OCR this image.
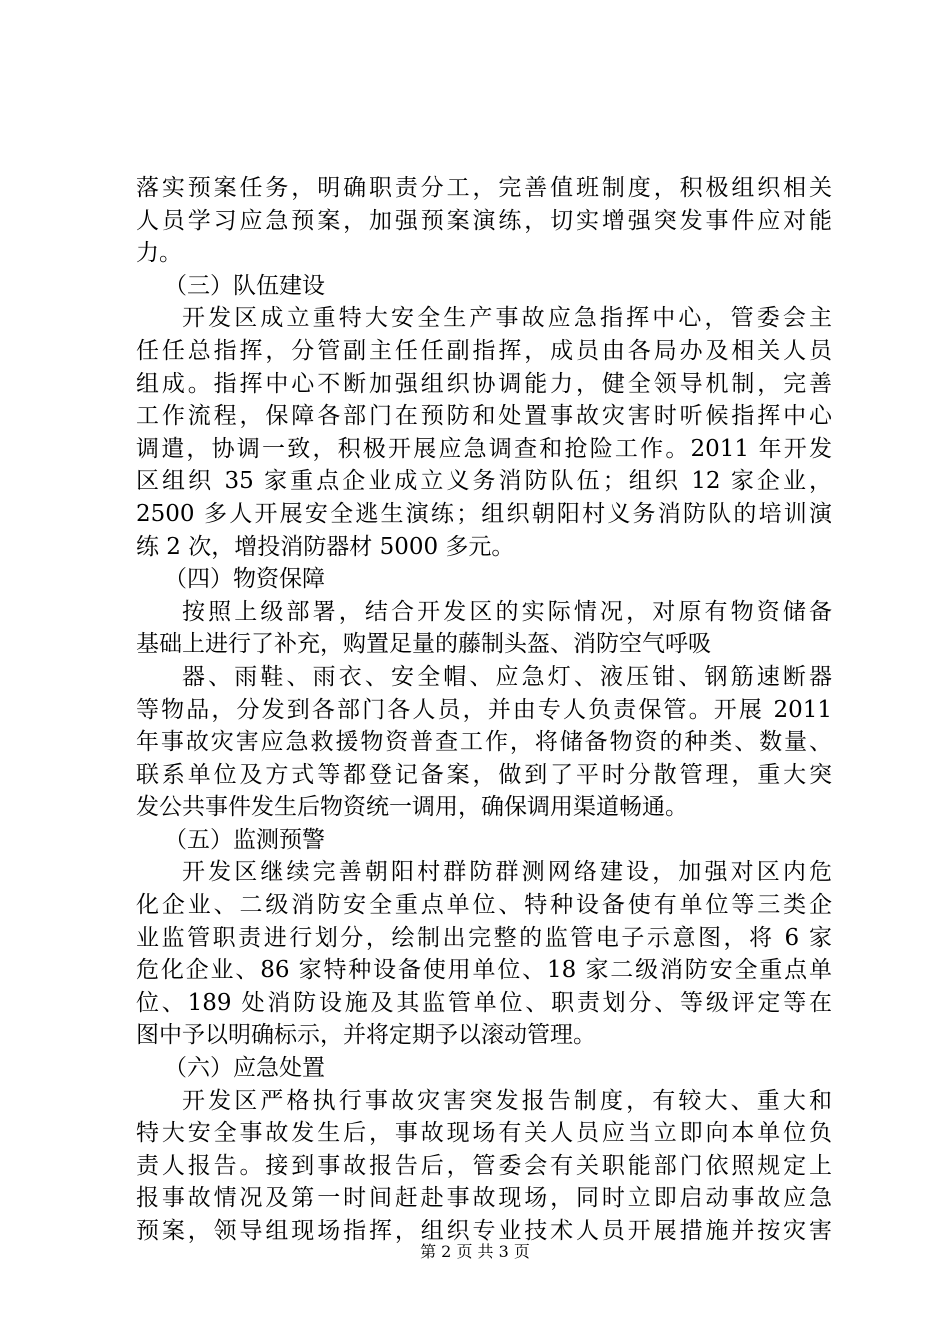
落实预案任务，明确职责分工，完善值班制度，积极组织相关
人员学习应急预案，加强预案演练，切实增强突发事件应对能
力。
（三）队伍建设
开发区成立重特大安全生产事故应急指挥中心，管委会主
任任总指挥，分管副主任任副指挥，成员由各局办及相关人员
组成。指挥中心不断加强组织协调能力，健全领导机制，完善
工作流程，保障各部门在预防和处置事故灾害时听候指挥中心
调遣，协调一致，积极开展应急调查和抢险工作。2011 年开发
区组织 35 家重点企业成立义务消防队伍；组织 12 家企业，
2500 多人开展安全逃生演练；组织朝阳村义务消防队的培训演
练 2 次，增投消防器材 5000 多元。
（四）物资保障
按照上级部署，结合开发区的实际情况，对原有物资储备
基础上进行了补充，购置足量的藤制头盔、消防空气呼吸
器、雨鞋、雨衣、安全帽、应急灯、液压钳、钢筋速断器
等物品，分发到各部门各人员，并由专人负责保管。开展 2011
年事故灾害应急救援物资普查工作，将储备物资的种类、数量、
联系单位及方式等都登记备案，做到了平时分散管理，重大突
发公共事件发生后物资统一调用，确保调用渠道畅通。
（五）监测预警
开发区继续完善朝阳村群防群测网络建设，加强对区内危
化企业、二级消防安全重点单位、特种设备使有单位等三类企
业监管职责进行划分，绘制出完整的监管电子示意图，将 6 家
危化企业、86 家特种设备使用单位、18 家二级消防安全重点单
位、189 处消防设施及其监管单位、职责划分、等级评定等在
图中予以明确标示，并将定期予以滚动管理。
（六）应急处置
开发区严格执行事故灾害突发报告制度，有较大、重大和
特大安全事故发生后，事故现场有关人员应当立即向本单位负
责人报告。接到事故报告后，管委会有关职能部门依照规定上
报事故情况及第一时间赶赴事故现场，同时立即启动事故应急
预案，领导组现场指挥，组织专业技术人员开展措施并按灾害
第 2 页 共 3 页
